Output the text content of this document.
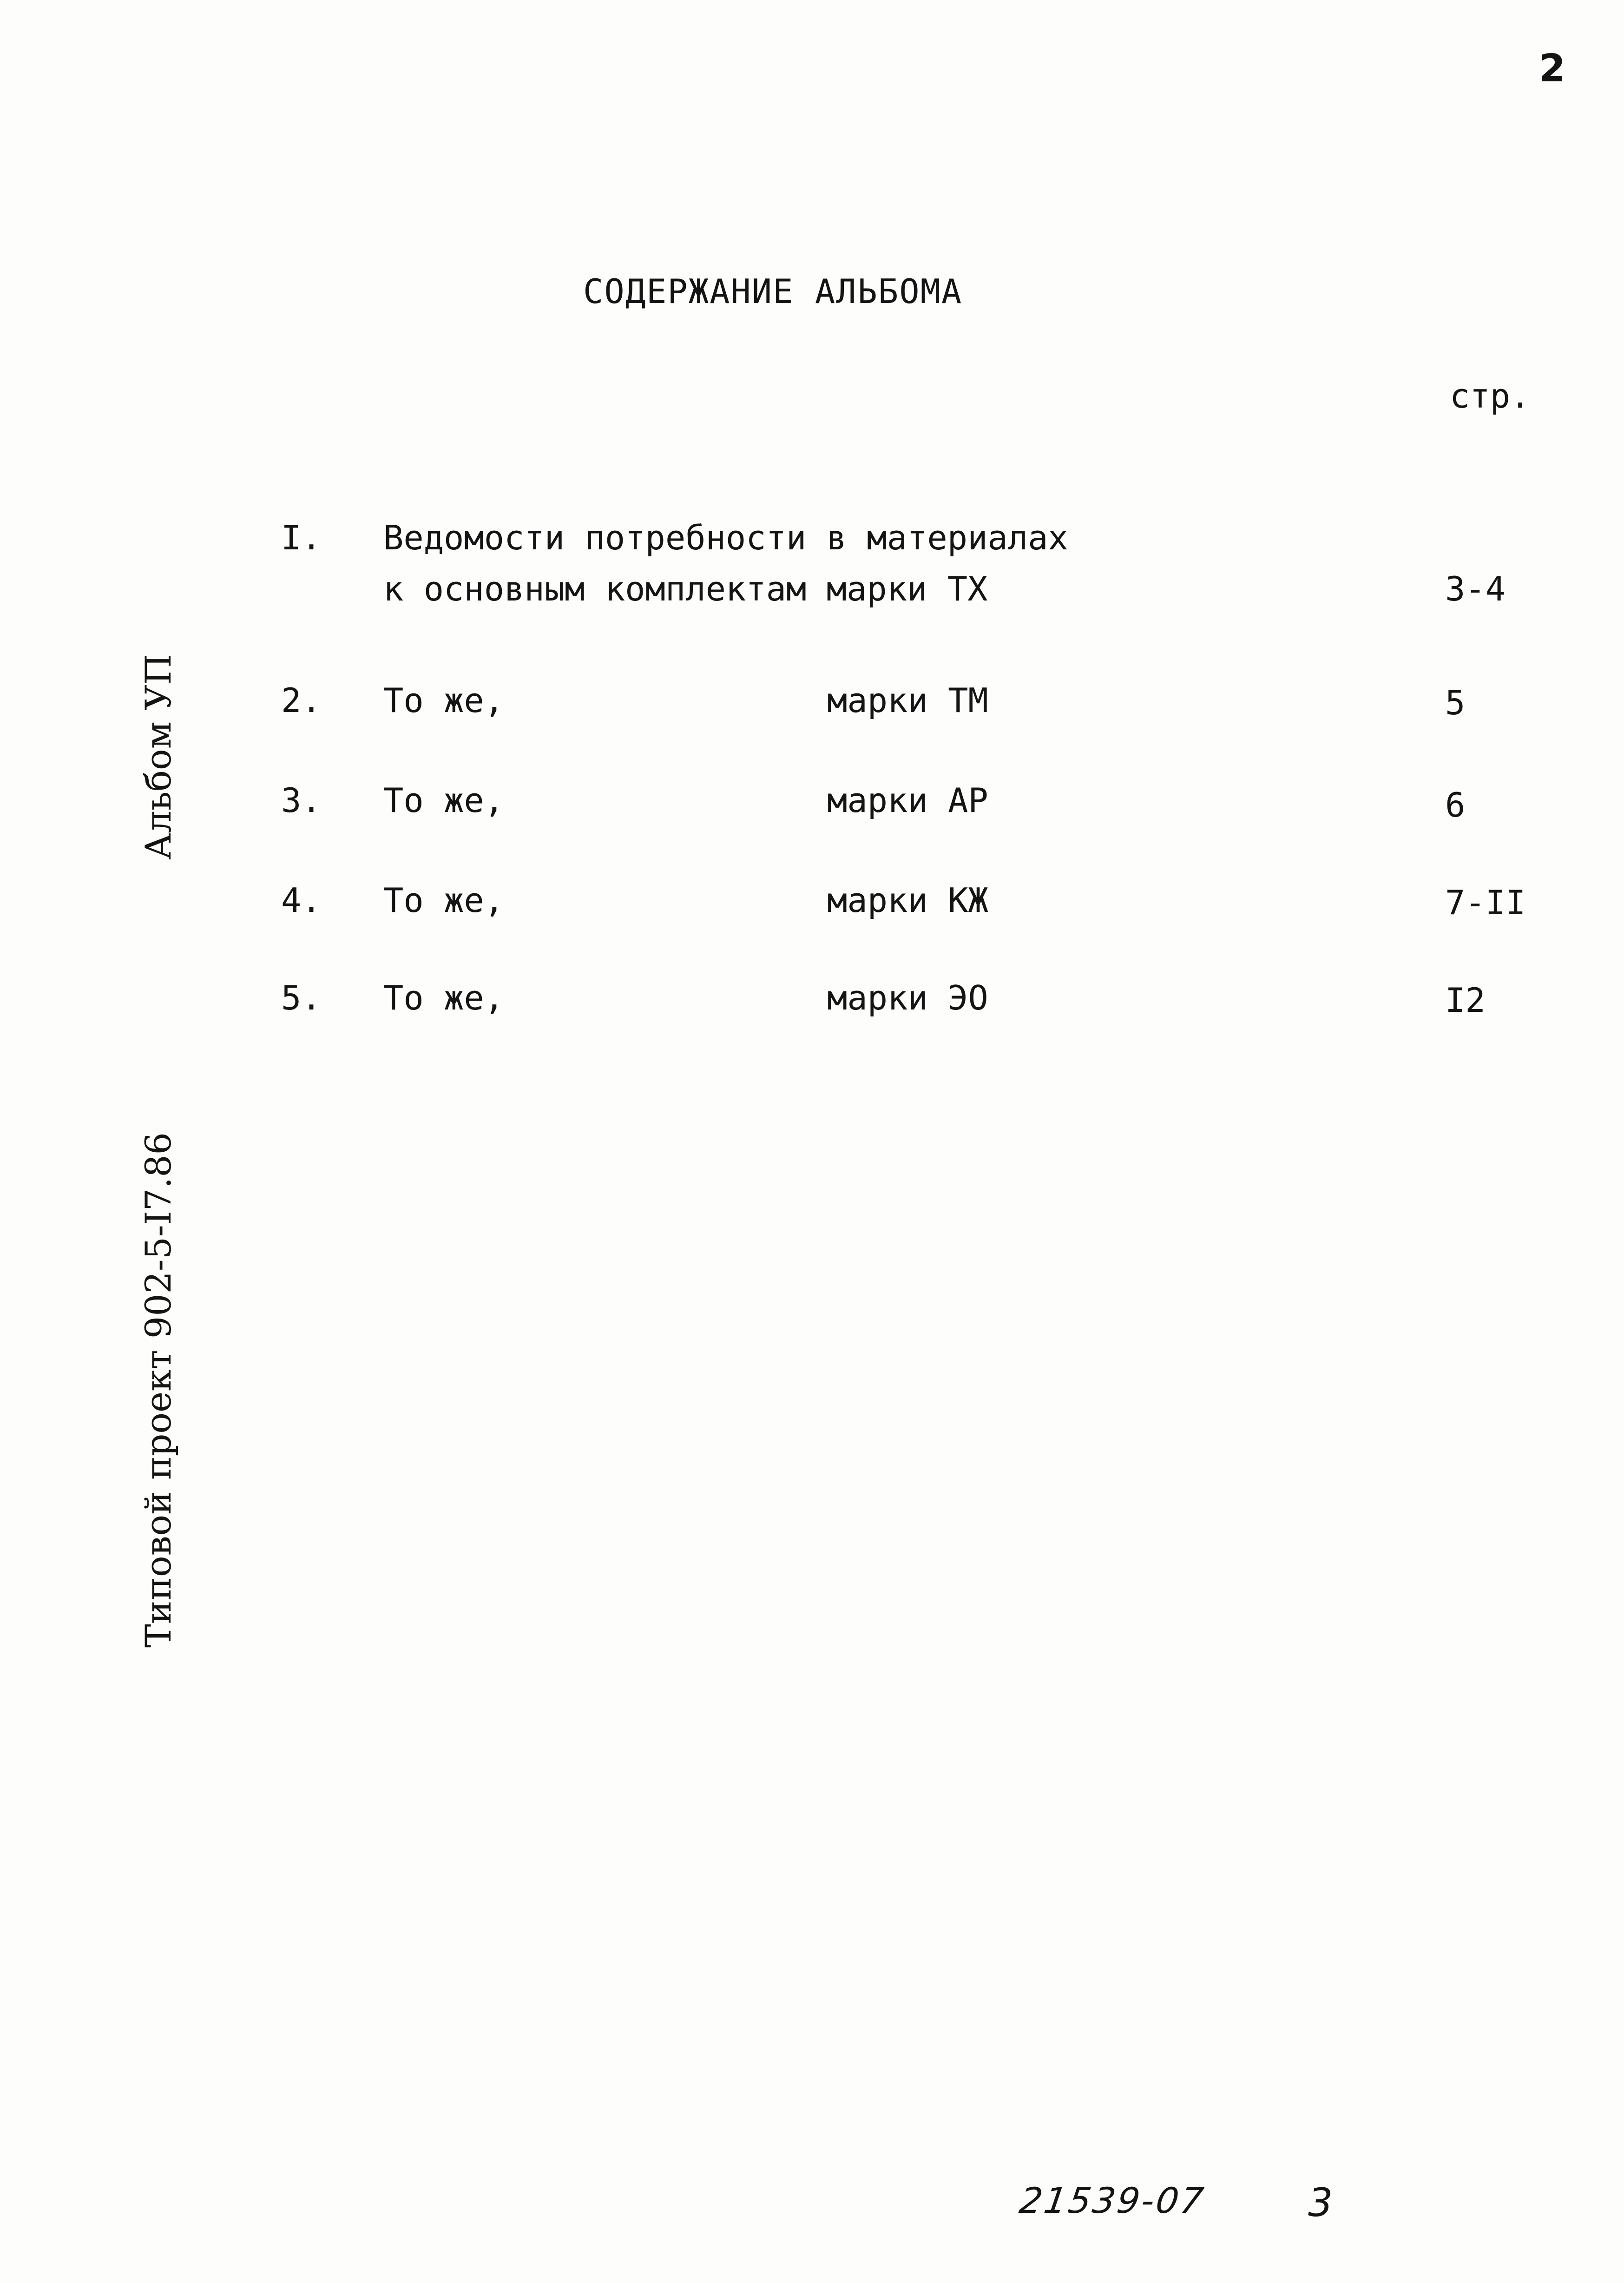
2
СОДЕРЖАНИЕ АЛЬБОМА
стр.
I. Ведомости потребности в материалах
к основным комплектам марки ТХ	3-4
2. То же,	марки ТМ	5
3. То же,	марки АР	6
4. То же,	марки КЖ	7-II
5. То же,	марки ЭО	I2
Альбом УП
Типовой проект 902-5-I7.86
21539-07	3
